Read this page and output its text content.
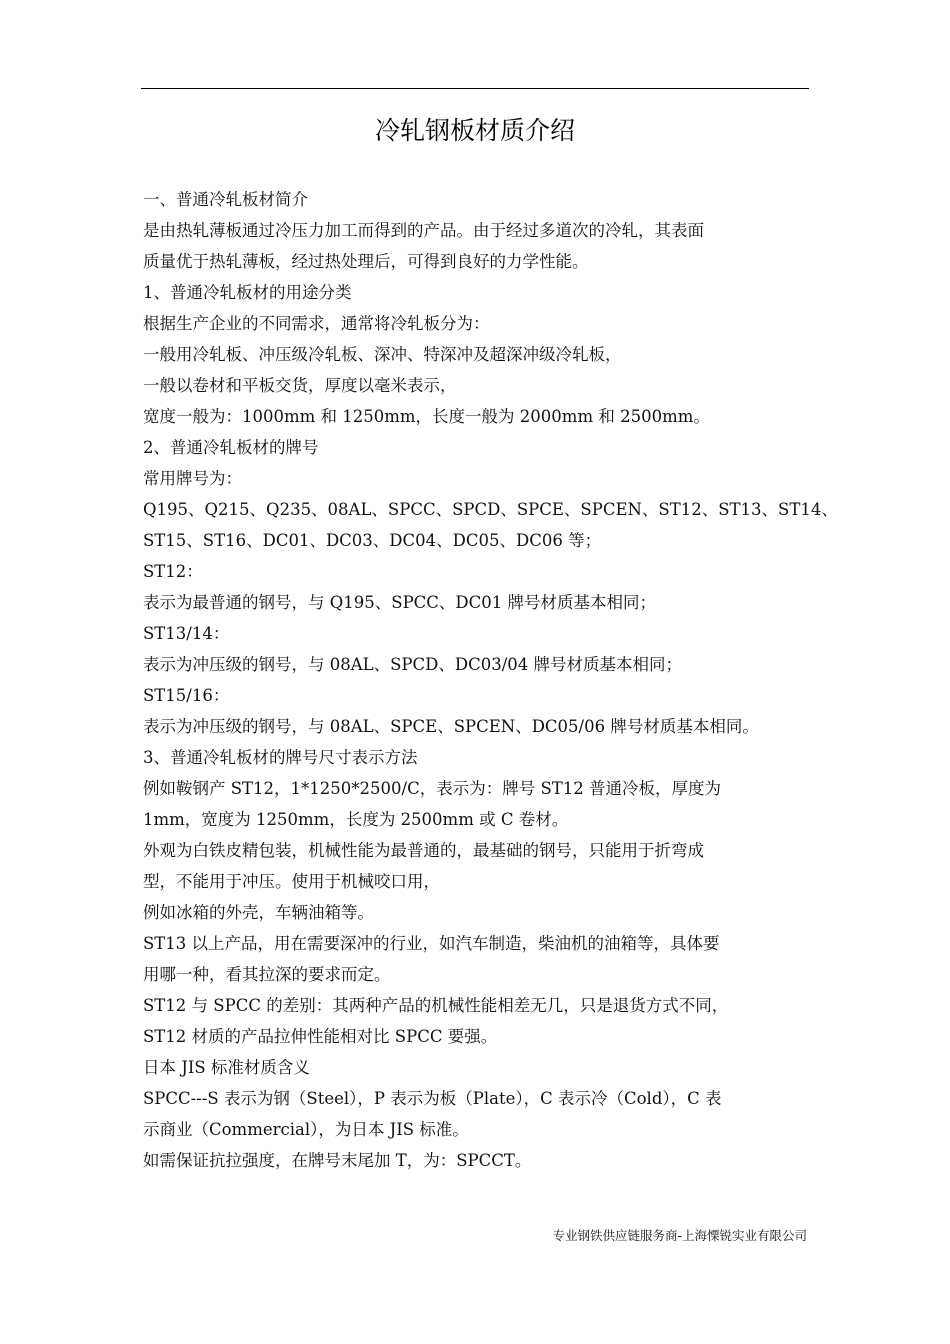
冷轧钢板材质介绍
一、普通冷轧板材简介
是由热轧薄板通过冷压力加工而得到的产品。由于经过多道次的冷轧，其表面
质量优于热轧薄板，经过热处理后，可得到良好的力学性能。
1、普通冷轧板材的用途分类
根据生产企业的不同需求，通常将冷轧板分为：
一般用冷轧板、冲压级冷轧板、深冲、特深冲及超深冲级冷轧板，
一般以卷材和平板交货，厚度以毫米表示，
宽度一般为：1000mm 和 1250mm，长度一般为 2000mm 和 2500mm。
2、普通冷轧板材的牌号
常用牌号为：
Q195、Q215、Q235、08AL、SPCC、SPCD、SPCE、SPCEN、ST12、ST13、ST14、
ST15、ST16、DC01、DC03、DC04、DC05、DC06 等；
ST12：
表示为最普通的钢号，与 Q195、SPCC、DC01 牌号材质基本相同；
ST13/14：
表示为冲压级的钢号，与 08AL、SPCD、DC03/04 牌号材质基本相同；
ST15/16：
表示为冲压级的钢号，与 08AL、SPCE、SPCEN、DC05/06 牌号材质基本相同。
3、普通冷轧板材的牌号尺寸表示方法
例如鞍钢产 ST12，1*1250*2500/C，表示为：牌号 ST12 普通冷板，厚度为
1mm，宽度为 1250mm，长度为 2500mm 或 C 卷材。
外观为白铁皮精包装，机械性能为最普通的，最基础的钢号，只能用于折弯成
型，不能用于冲压。使用于机械咬口用，
例如冰箱的外壳，车辆油箱等。
ST13 以上产品，用在需要深冲的行业，如汽车制造，柴油机的油箱等，具体要
用哪一种，看其拉深的要求而定。
ST12 与 SPCC 的差别：其两种产品的机械性能相差无几，只是退货方式不同，
ST12 材质的产品拉伸性能相对比 SPCC 要强。
日本 JIS 标准材质含义
SPCC---S 表示为钢（Steel），P 表示为板（Plate），C 表示冷（Cold），C 表
示商业（Commercial），为日本 JIS 标准。
如需保证抗拉强度，在牌号末尾加 T，为：SPCCT。
专业钢铁供应链服务商-上海慄锐实业有限公司
